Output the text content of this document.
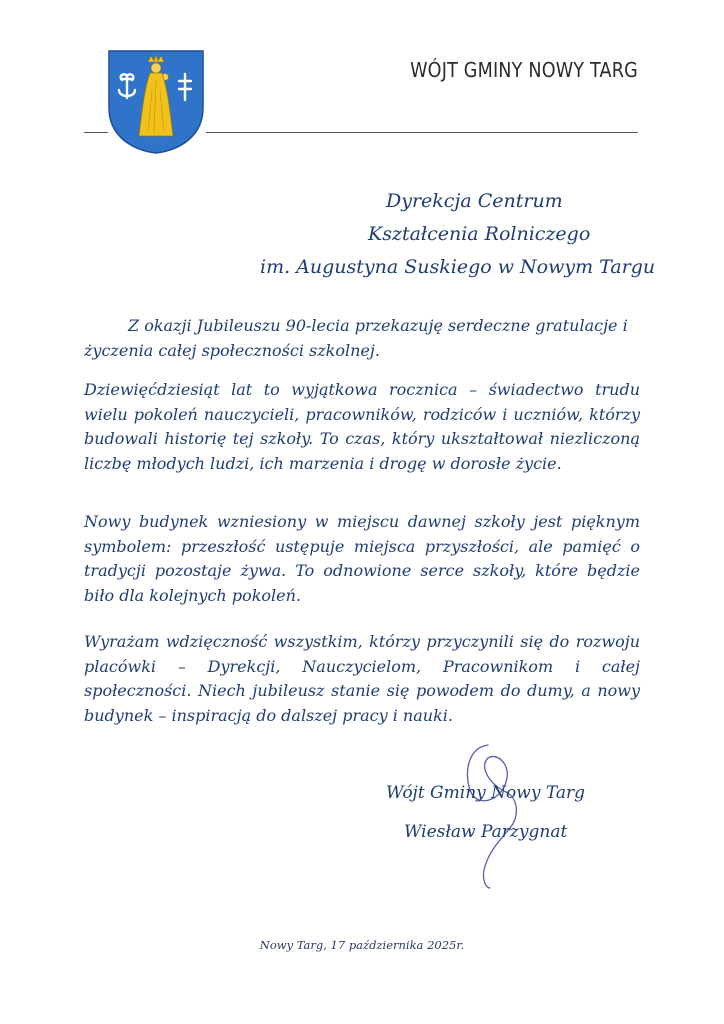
WÓJT GMINY NOWY TARG
Dyrekcja Centrum
Kształcenia Rolniczego
im. Augustyna Suskiego w Nowym Targu

Z okazji Jubileuszu 90-lecia przekazuję serdeczne gratulacje i życzenia całej społeczności szkolnej.

Dziewięćdziesiąt lat to wyjątkowa rocznica – świadectwo trudu wielu pokoleń nauczycieli, pracowników, rodziców i uczniów, którzy budowali historię tej szkoły. To czas, który ukształtował niezliczoną liczbę młodych ludzi, ich marzenia i drogę w dorosłe życie.

Nowy budynek wzniesiony w miejscu dawnej szkoły jest pięknym symbolem: przeszłość ustępuje miejsca przyszłości, ale pamięć o tradycji pozostaje żywa. To odnowione serce szkoły, które będzie biło dla kolejnych pokoleń.

Wyrażam wdzięczność wszystkim, którzy przyczynili się do rozwoju placówki – Dyrekcji, Nauczycielom, Pracownikom i całej społeczności. Niech jubileusz stanie się powodem do dumy, a nowy budynek – inspiracją do dalszej pracy i nauki.

Wójt Gminy Nowy Targ
Wiesław Parzygnat
Nowy Targ, 17 października 2025r.
